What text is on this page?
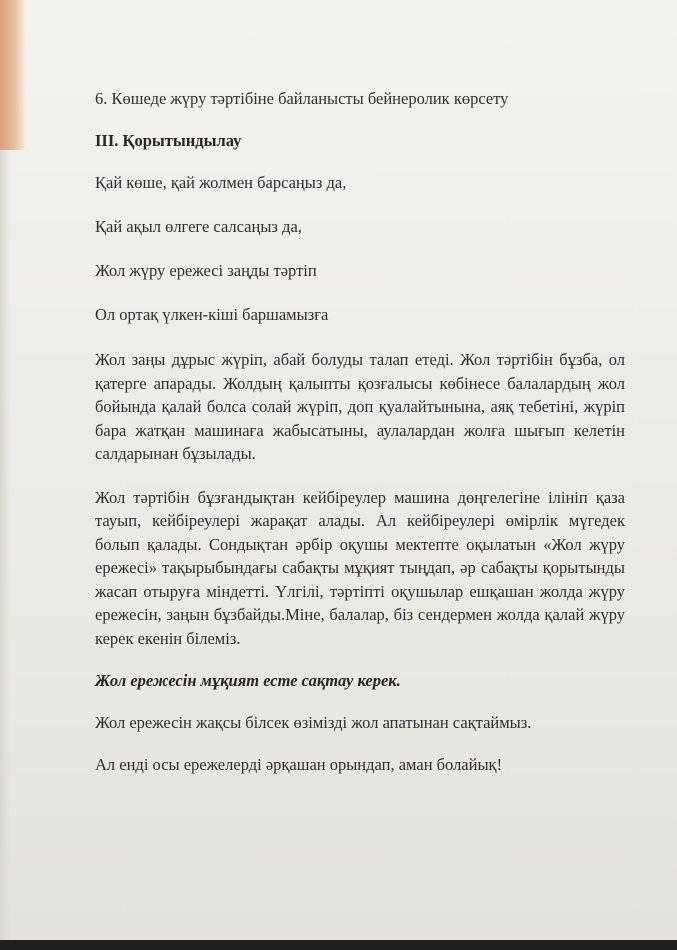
6. Көшеде жүру тәртібіне байланысты бейнеролик көрсету

III. Қорытындылау

Қай көше, қай жолмен барсаңыз да,

Қай ақыл өлгеге салсаңыз да,

Жол жүру ережесі заңды тәртіп

Ол ортақ үлкен-кіші баршамызға

Жол заңы дұрыс жүріп, абай болуды талап етеді. Жол тәртібін бұзба, ол қатерге апарады. Жолдың қалыпты қозғалысы көбінесе балалардың жол бойында қалай болса солай жүріп, доп қуалайтынына, аяқ тебетіні, жүріп бара жатқан машинаға жабысатыны, аулалардан жолға шығып келетін салдарынан бұзылады.

Жол тәртібін бұзғандықтан кейбіреулер машина дөңгелегіне ілініп қаза тауып, кейбіреулері жарақат алады. Ал кейбіреулері өмірлік мүгедек болып қалады. Сондықтан әрбір оқушы мектепте оқылатын «Жол жүру ережесі» тақырыбындағы сабақты мұқият тыңдап, әр сабақты қорытынды жасап отыруға міндетті. Үлгілі, тәртіпті оқушылар ешқашан жолда жүру ережесін, заңын бұзбайды.Міне, балалар, біз сендермен жолда қалай жүру керек екенін білеміз.

Жол ережесін мұқият есте сақтау керек.

Жол ережесін жақсы білсек өзімізді жол апатынан сақтаймыз.

Ал енді осы ережелерді әрқашан орындап, аман болайық!
